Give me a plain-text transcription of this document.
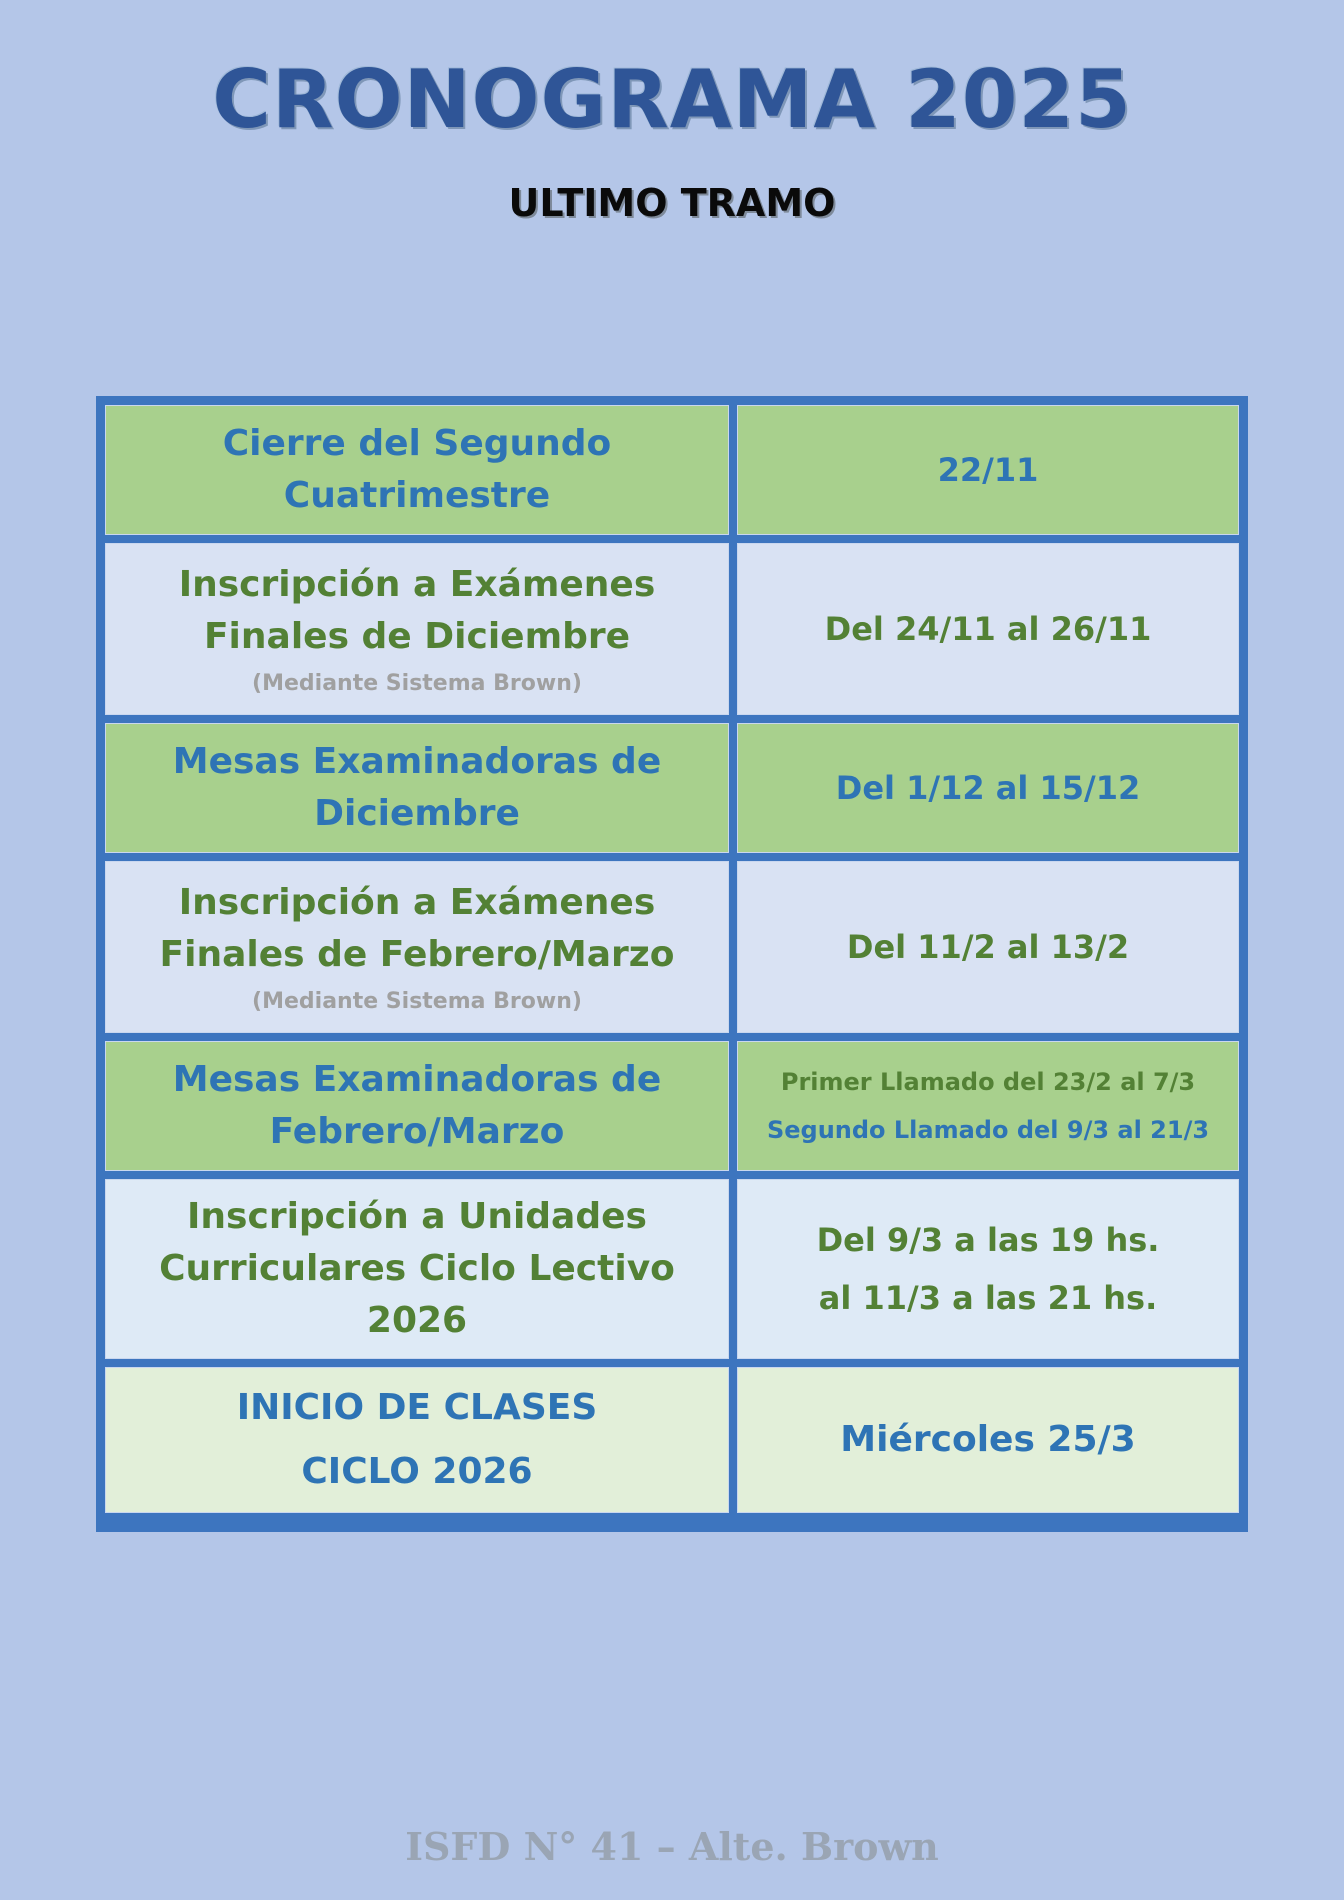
CRONOGRAMA 2025
ULTIMO TRAMO
Cierre del Segundo
Cuatrimestre
22/11
Inscripción a Exámenes
Finales de Diciembre
(Mediante Sistema Brown)
Del 24/11 al 26/11
Mesas Examinadoras de
Diciembre
Del 1/12 al 15/12
Inscripción a Exámenes
Finales de Febrero/Marzo
(Mediante Sistema Brown)
Del 11/2 al 13/2
Mesas Examinadoras de
Febrero/Marzo
Primer Llamado del 23/2 al 7/3
Segundo Llamado del 9/3 al 21/3
Inscripción a Unidades
Curriculares Ciclo Lectivo
2026
Del 9/3 a las 19 hs.
al 11/3 a las 21 hs.
INICIO DE CLASES
CICLO 2026
Miércoles 25/3

ISFD N° 41 – Alte. Brown
